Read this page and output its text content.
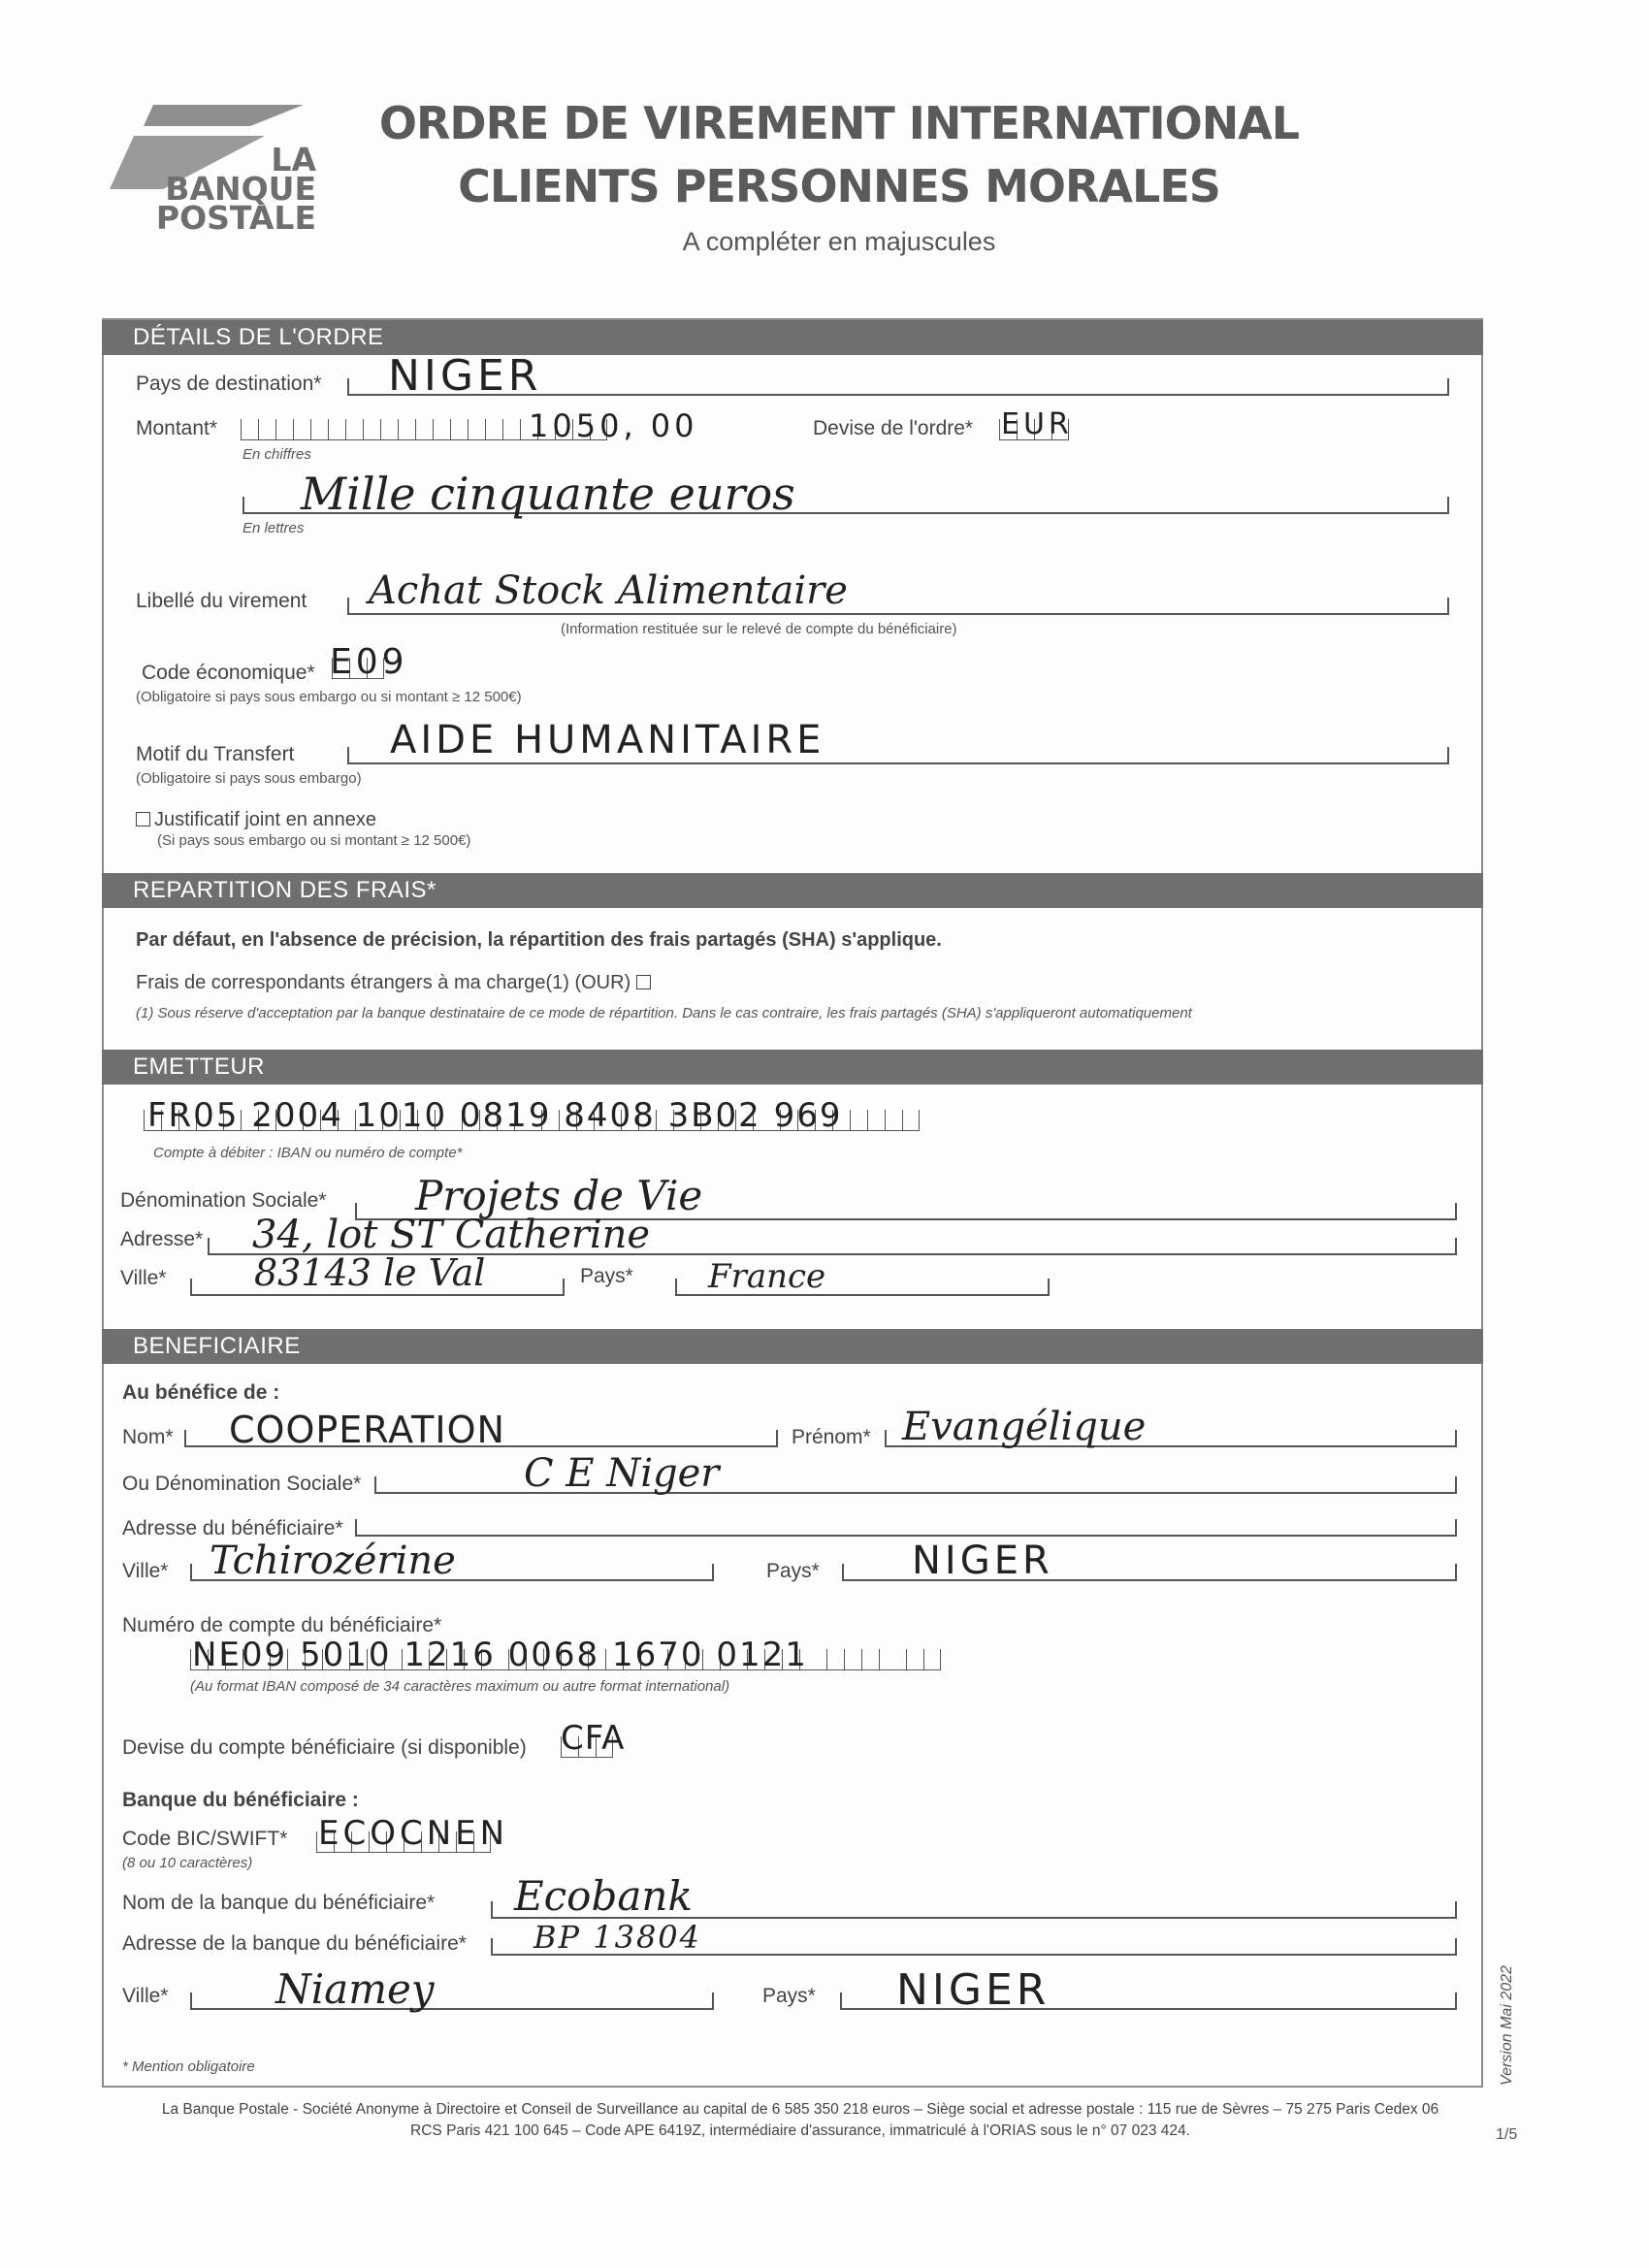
LA
BANQUE
POSTALE
ORDRE DE VIREMENT INTERNATIONAL
CLIENTS PERSONNES MORALES
A compléter en majuscules
DÉTAILS DE L'ORDRE
Pays de destination* NIGER
Montant*	1050, 00
En chiffres
Devise de l'ordre* EUR
Mille cinquante euros
En lettres
Libellé du virement Achat Stock Alimentaire
(Information restituée sur le relevé de compte du bénéficiaire)
Code économique* E09
(Obligatoire si pays sous embargo ou si montant ≥ 12 500€)
Motif du Transfert AIDE HUMANITAIRE
(Obligatoire si pays sous embargo)
Justificatif joint en annexe
(Si pays sous embargo ou si montant ≥ 12 500€)
REPARTITION DES FRAIS*
Par défaut, en l'absence de précision, la répartition des frais partagés (SHA) s'applique.
Frais de correspondants étrangers à ma charge(1) (OUR)
(1) Sous réserve d'acceptation par la banque destinataire de ce mode de répartition. Dans le cas contraire, les frais partagés (SHA) s'appliqueront automatiquement
EMETTEUR
FR05 2004 1010 0819 8408 3B02 969
Compte à débiter : IBAN ou numéro de compte*
Dénomination Sociale* Projets de Vie
Adresse* 34, lot ST Catherine
Ville* 83143 le Val	Pays* France
BENEFICIAIRE
Au bénéfice de :
Nom* COOPERATION	Prénom* Evangélique
Ou Dénomination Sociale*	C E Niger
Adresse du bénéficiaire*
Ville* Tchirozérine	Pays* NIGER
Numéro de compte du bénéficiaire*
NE09 5010 1216 0068 1670 0121
(Au format IBAN composé de 34 caractères maximum ou autre format international)
Devise du compte bénéficiaire (si disponible) CFA
Banque du bénéficiaire :
Code BIC/SWIFT* ECOCNEN
(8 ou 10 caractères)
Nom de la banque du bénéficiaire* Ecobank
Adresse de la banque du bénéficiaire* BP 13804
Ville*	Niamey	Pays* NIGER
* Mention obligatoire	Version Mai 2022
La Banque Postale - Société Anonyme à Directoire et Conseil de Surveillance au capital de 6 585 350 218 euros – Siège social et adresse postale : 115 rue de Sèvres – 75 275 Paris Cedex 06
RCS Paris 421 100 645 – Code APE 6419Z, intermédiaire d'assurance, immatriculé à l'ORIAS sous le n° 07 023 424.	1/5
